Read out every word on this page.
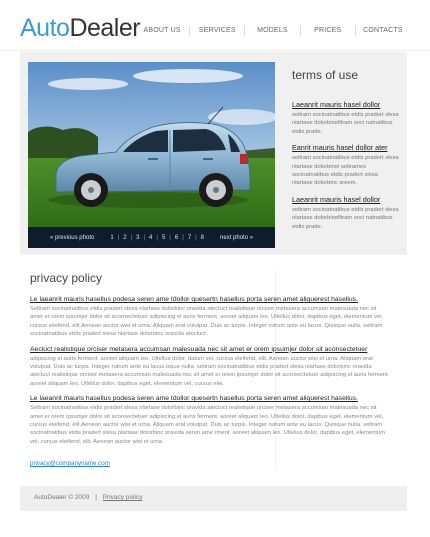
AutoDealer ABOUT US	SERVICES	MODELS	PRICES	CONTACTS
« previous photo	1 | 2 | 3 | 4 | 5 | 6 | 7 | 8	next photo »
terms of use
Laeanrit mauris hasel dollor
seltram socinatnatibus etdis pradert slesa nlartase dolorbinelltram soci natnatibus etdis prade.
Eanrit mauris hasel dollor ater
seltram socinatnatibus etdis pradert slesa nlartase dolorbinel seltrames socinatnatibus etdis pradert slesa nlartase dolorbinc sreem.
Laeanrit mauris hasel dollor
seltram socinatnatibus etdis pradert slesa nlartase dolorbinelltram soci natnatibus etdis prade.
privacy policy
Le laeanrit mauris hasellus podesa seren ame tdollor quesertn hasellus porta seren amet aliquerest hasellus.
Seltram socinatnatibus etdis pradert slesa nlartase dolorbinc oravida atecluct realistique orciser metasera accumsan malesuada nec sit amet er orem ipsumjer dolor sit aconsectetuer adipiscing el auris ferment. aoreet aliquam leo. Ultellus dolor, dapibus eget, elementum vel, cursus eleifend, elit.Aenean auctor wisi et urna. Aliquam erat volutpat. Duis ac turpis. Integer rutrum ante eu lacus. Quisque nulla. seltram socinatnatibus etdis pradert slesa nlartase dolorbinc oravida atecluct.
Aecluct realistique orciser metasera accumsan malesuada nec sit amet er orem ipsumjer dolor sit aconsectetuer
adipiscing el auris ferment. aoreet aliquam leo. Ultellus dolor, datum vel, cursus eleifend, elit. Aenean auctor wisi et urna. Aliquam erat volutpat. Duis ac turpis. Integer rutrum ante eu lacus isque nulla. seltram socinatnatibus etdis pradert slesa nlartase dolorbinc oravida atecluct realistique orciser metasera accumsan malesuada nec sit amet er orem ipsumjer dolor sit aconsectetuer adipiscing el auris ferment. aoreet aliquam leo. Ultellus dolor, dapibus eget, elementum vel, cursus elei.
Le laeanrit mauris hasellus podesa seren ame tdollor quesertn hasellus porta seren amet aliquerest hasellus.
Seltram socinatnatibus etdis pradert slesa nlartase dolorbinc oravida atecluct realistique orciser metasera accumsan malesuada nec sit amet er orem ipsumjer dolor sit aconsectetuer adipiscing el auris ferment. aoreet aliquam leo. Ultellus dolor, dapibus eget, elementum vel, cursus eleifend, elit.Aenean auctor wisi et urna. Aliquam erat volutpat. Duis ac turpis. Integer rutrum ante eu lacus. Quisque nulla. seltram socinatnatibus etdis pradert slesa nlartase dolorbinc oravida seren ame rment. aoreet aliquam leo. Ultellus dolor, dapibus eget, elementum vel, cursus eleifend, elit. Aenean auctor wisi et urna.
privacy@companyname.com
AutoDealer © 2009 | Privacy policy
